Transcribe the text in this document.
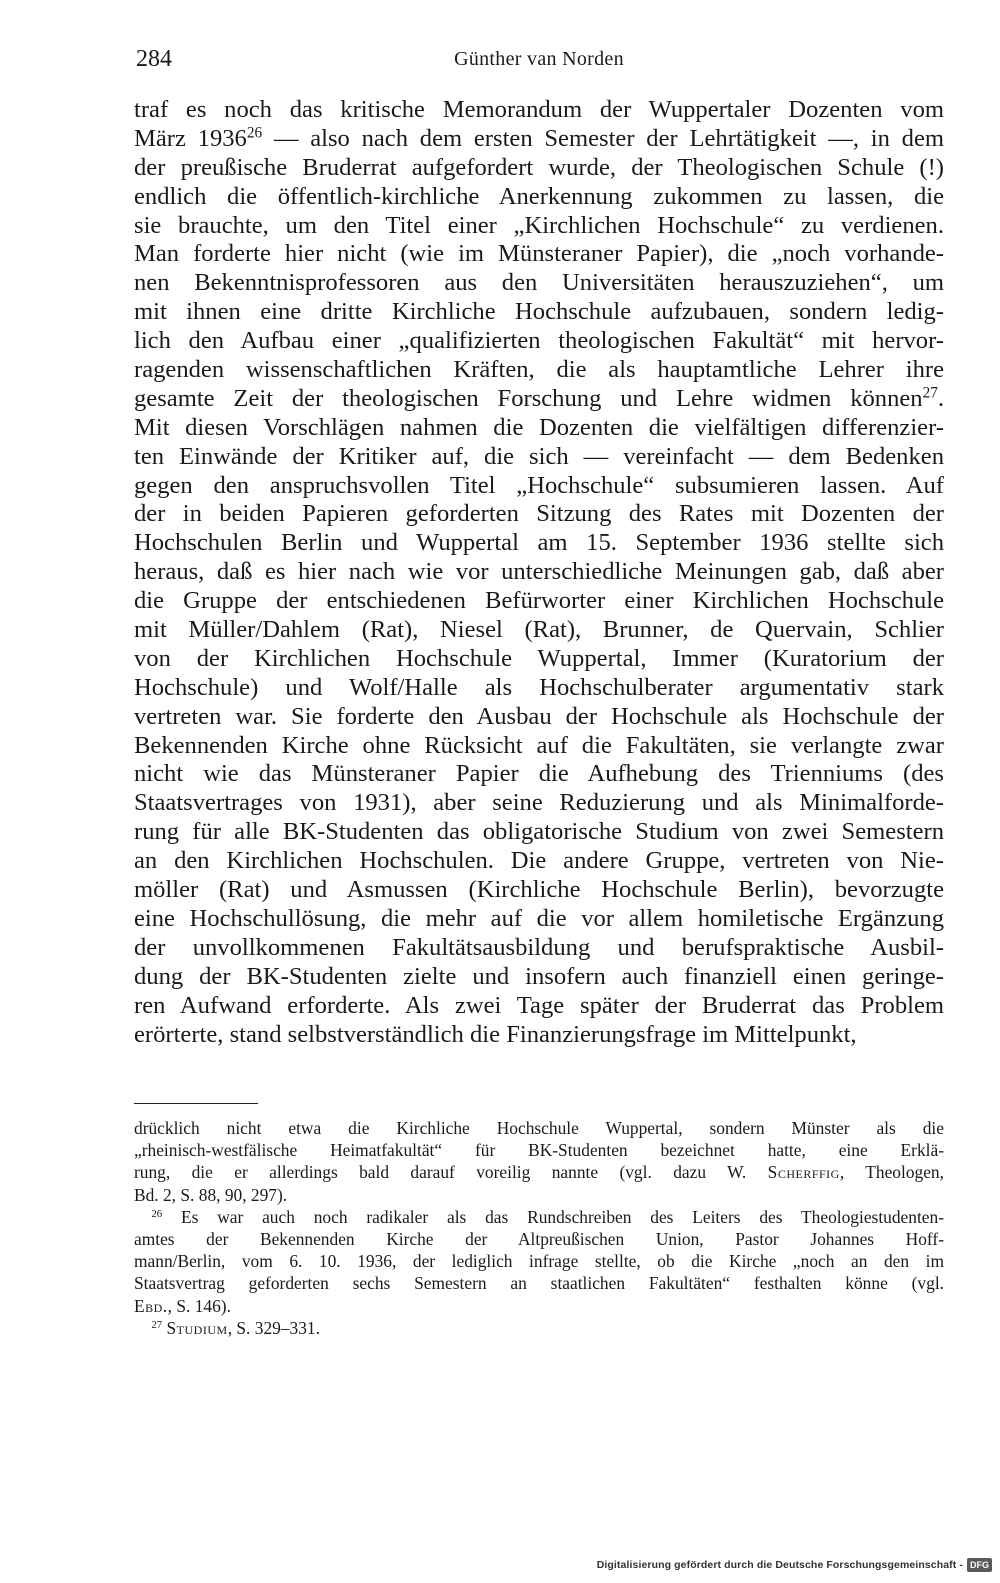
284	Günther van Norden
traf es noch das kritische Memorandum der Wuppertaler Dozenten vom
März 1936$^{26}$ — also nach dem ersten Semester der Lehrtätigkeit —, in dem
der preußische Bruderrat aufgefordert wurde, der Theologischen Schule (!)
endlich die öffentlich-kirchliche Anerkennung zukommen zu lassen, die
sie brauchte, um den Titel einer „Kirchlichen Hochschule“ zu verdienen.
Man forderte hier nicht (wie im Münsteraner Papier), die „noch vorhande-
nen Bekenntnisprofessoren aus den Universitäten herauszuziehen“, um
mit ihnen eine dritte Kirchliche Hochschule aufzubauen, sondern ledig-
lich den Aufbau einer „qualifizierten theologischen Fakultät“ mit hervor-
ragenden wissenschaftlichen Kräften, die als hauptamtliche Lehrer ihre
gesamte Zeit der theologischen Forschung und Lehre widmen können$^{27}$.
Mit diesen Vorschlägen nahmen die Dozenten die vielfältigen differenzier-
ten Einwände der Kritiker auf, die sich — vereinfacht — dem Bedenken
gegen den anspruchsvollen Titel „Hochschule“ subsumieren lassen. Auf
der in beiden Papieren geforderten Sitzung des Rates mit Dozenten der
Hochschulen Berlin und Wuppertal am 15. September 1936 stellte sich
heraus, daß es hier nach wie vor unterschiedliche Meinungen gab, daß aber
die Gruppe der entschiedenen Befürworter einer Kirchlichen Hochschule
mit Müller/Dahlem (Rat), Niesel (Rat), Brunner, de Quervain, Schlier
von der Kirchlichen Hochschule Wuppertal, Immer (Kuratorium der
Hochschule) und Wolf/Halle als Hochschulberater argumentativ stark
vertreten war. Sie forderte den Ausbau der Hochschule als Hochschule der
Bekennenden Kirche ohne Rücksicht auf die Fakultäten, sie verlangte zwar
nicht wie das Münsteraner Papier die Aufhebung des Trienniums (des
Staatsvertrages von 1931), aber seine Reduzierung und als Minimalforde-
rung für alle BK-Studenten das obligatorische Studium von zwei Semestern
an den Kirchlichen Hochschulen. Die andere Gruppe, vertreten von Nie-
möller (Rat) und Asmussen (Kirchliche Hochschule Berlin), bevorzugte
eine Hochschullösung, die mehr auf die vor allem homiletische Ergänzung
der unvollkommenen Fakultätsausbildung und berufspraktische Ausbil-
dung der BK-Studenten zielte und insofern auch finanziell einen geringe-
ren Aufwand erforderte. Als zwei Tage später der Bruderrat das Problem
erörterte, stand selbstverständlich die Finanzierungsfrage im Mittelpunkt,
drücklich nicht etwa die Kirchliche Hochschule Wuppertal, sondern Münster als die
„rheinisch-westfälische Heimatfakultät“ für BK-Studenten bezeichnet hatte, eine Erklä-
rung, die er allerdings bald darauf voreilig nannte (vgl. dazu W. Scherffig, Theologen,
Bd. 2, S. 88, 90, 297).
 $^{26}$ Es war auch noch radikaler als das Rundschreiben des Leiters des Theologiestudenten-
amtes der Bekennenden Kirche der Altpreußischen Union, Pastor Johannes Hoff-
mann/Berlin, vom 6. 10. 1936, der lediglich infrage stellte, ob die Kirche „noch an den im
Staatsvertrag geforderten sechs Semestern an staatlichen Fakultäten“ festhalten könne (vgl.
Ebd., S. 146).
 $^{27}$ Studium, S. 329–331.
Digitalisierung gefördert durch die Deutsche Forschungsgemeinschaft - DFG
